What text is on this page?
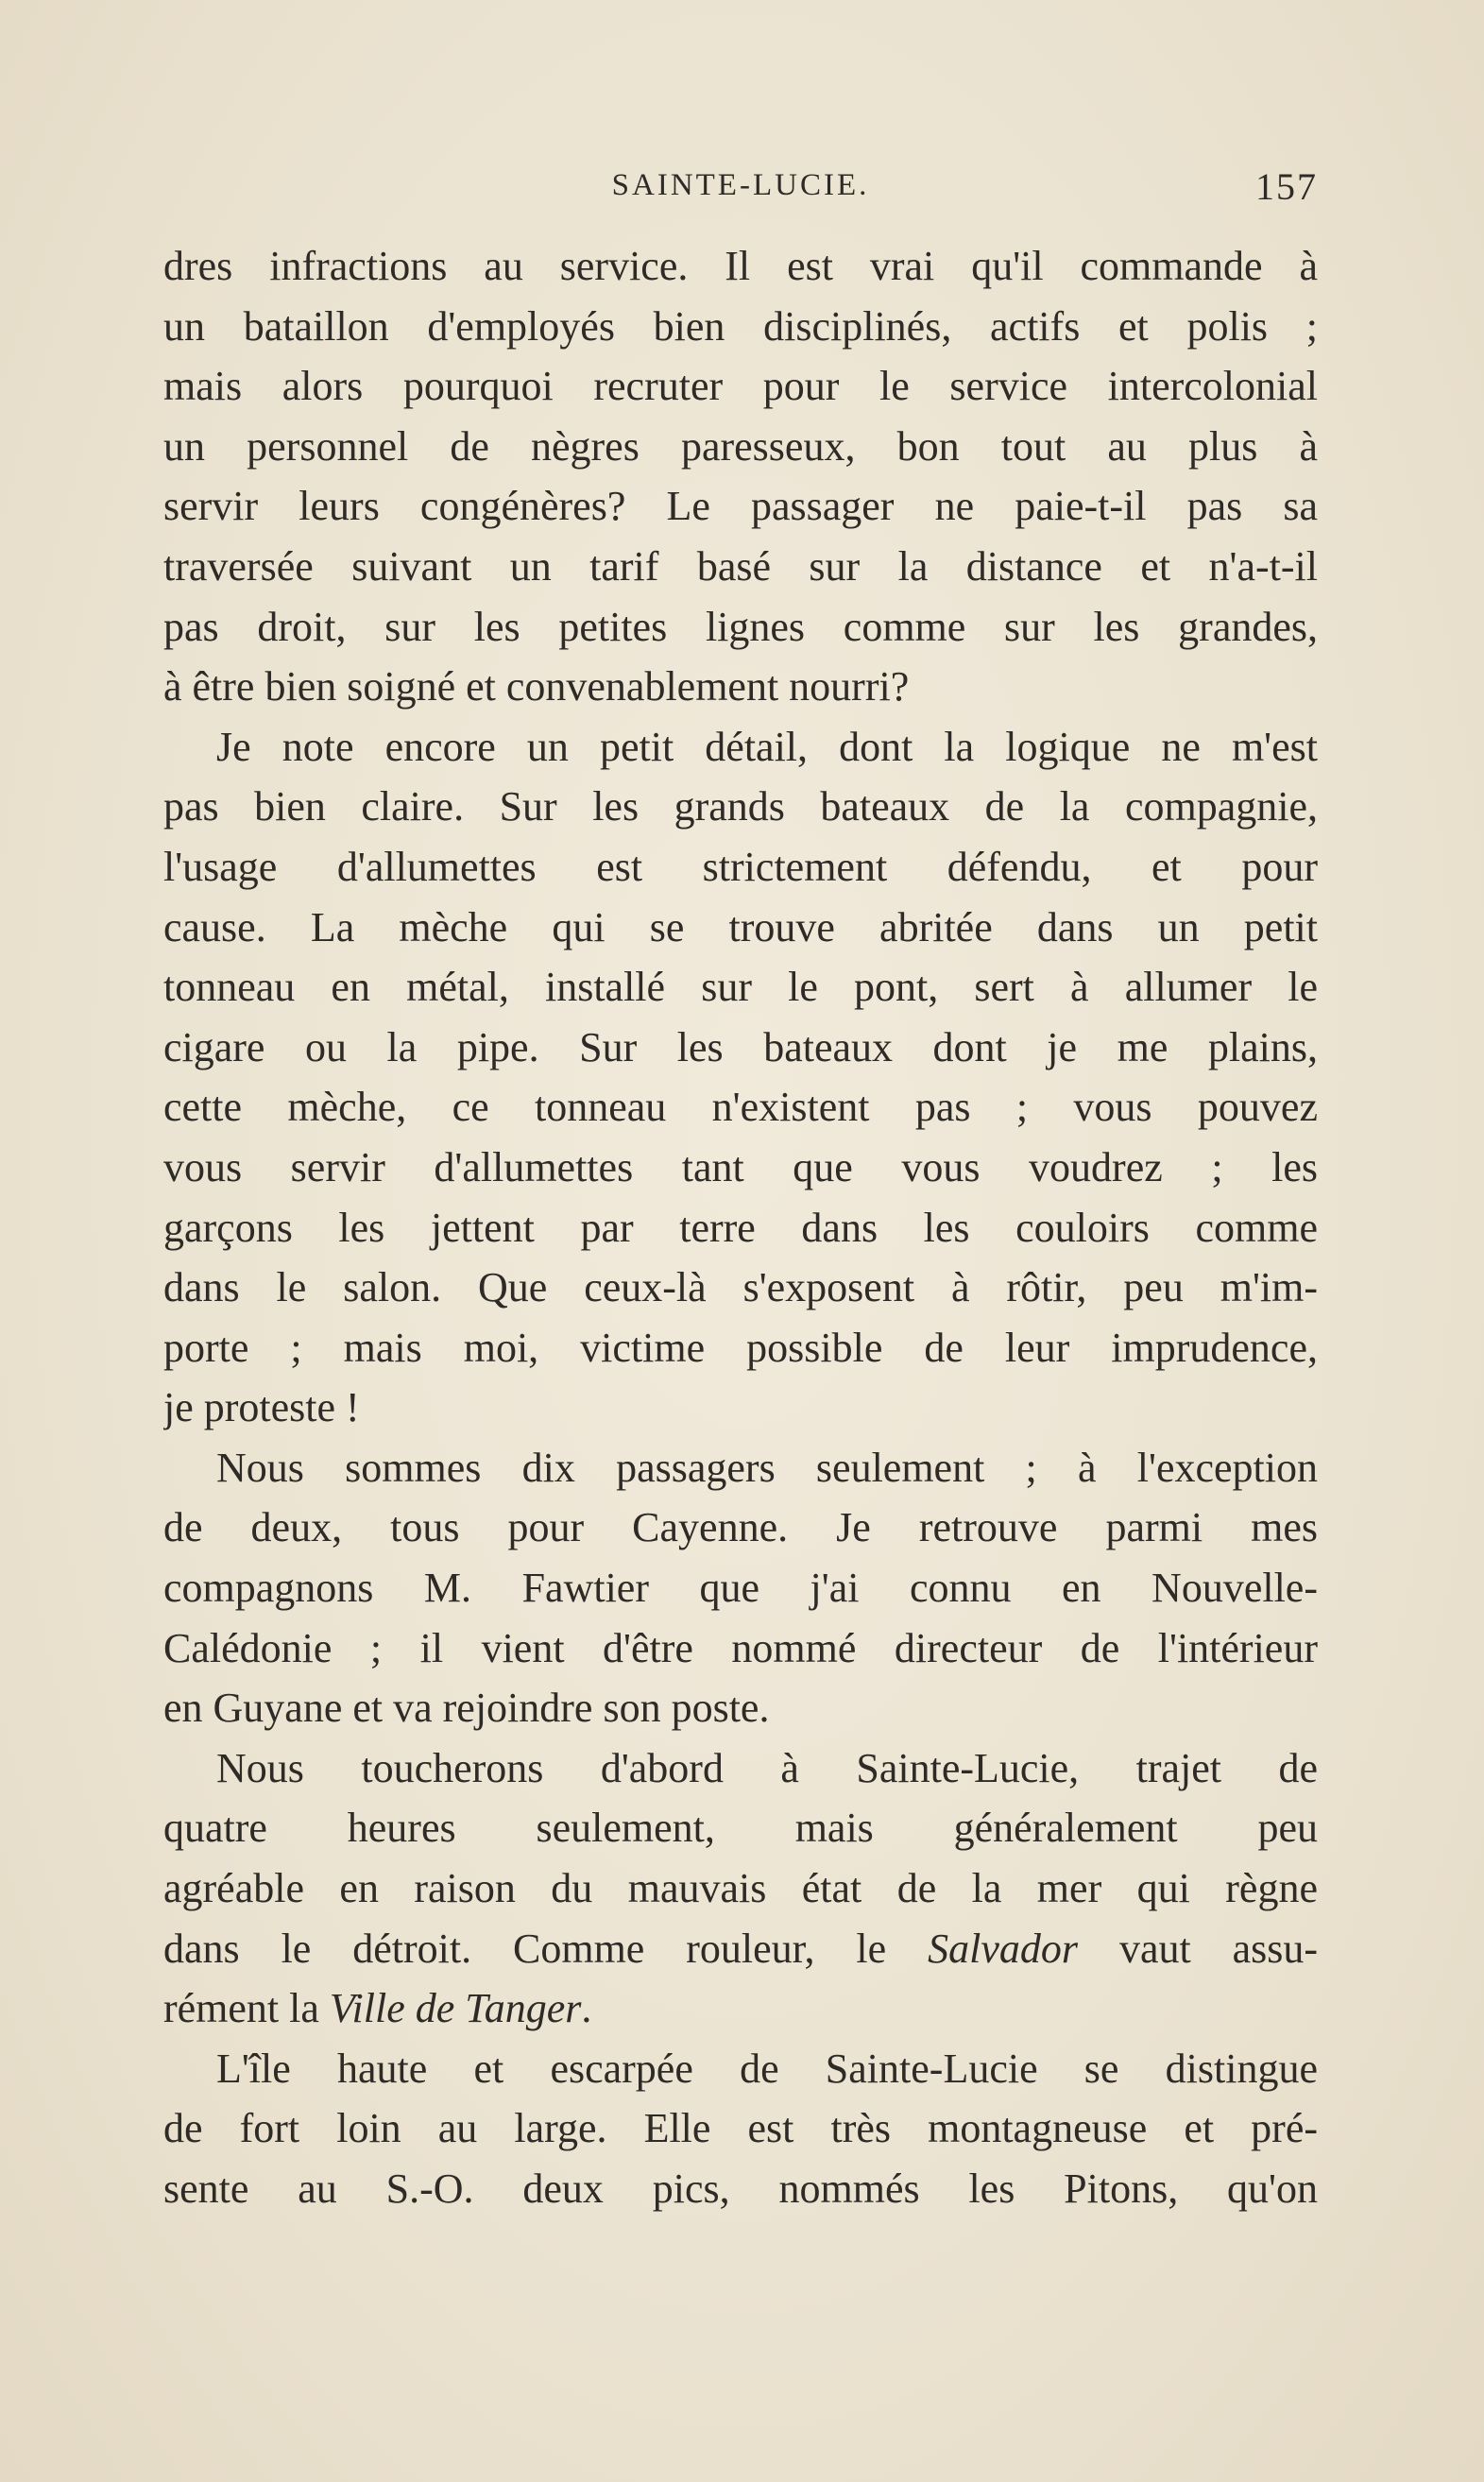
SAINTE-LUCIE.	157
dres infractions au service. Il est vrai qu'il commande à
un bataillon d'employés bien disciplinés, actifs et polis ;
mais alors pourquoi recruter pour le service intercolonial
un personnel de nègres paresseux, bon tout au plus à
servir leurs congénères? Le passager ne paie-t-il pas sa
traversée suivant un tarif basé sur la distance et n'a-t-il
pas droit, sur les petites lignes comme sur les grandes,
à être bien soigné et convenablement nourri?
Je note encore un petit détail, dont la logique ne m'est
pas bien claire. Sur les grands bateaux de la compagnie,
l'usage d'allumettes est strictement défendu, et pour
cause. La mèche qui se trouve abritée dans un petit
tonneau en métal, installé sur le pont, sert à allumer le
cigare ou la pipe. Sur les bateaux dont je me plains,
cette mèche, ce tonneau n'existent pas ; vous pouvez
vous servir d'allumettes tant que vous voudrez ; les
garçons les jettent par terre dans les couloirs comme
dans le salon. Que ceux-là s'exposent à rôtir, peu m'im-
porte ; mais moi, victime possible de leur imprudence,
je proteste !
Nous sommes dix passagers seulement ; à l'exception
de deux, tous pour Cayenne. Je retrouve parmi mes
compagnons M. Fawtier que j'ai connu en Nouvelle-
Calédonie ; il vient d'être nommé directeur de l'intérieur
en Guyane et va rejoindre son poste.
Nous toucherons d'abord à Sainte-Lucie, trajet de
quatre heures seulement, mais généralement peu
agréable en raison du mauvais état de la mer qui règne
dans le détroit. Comme rouleur, le Salvador vaut assu-
rément la Ville de Tanger.
L'île haute et escarpée de Sainte-Lucie se distingue
de fort loin au large. Elle est très montagneuse et pré-
sente au S.-O. deux pics, nommés les Pitons, qu'on
